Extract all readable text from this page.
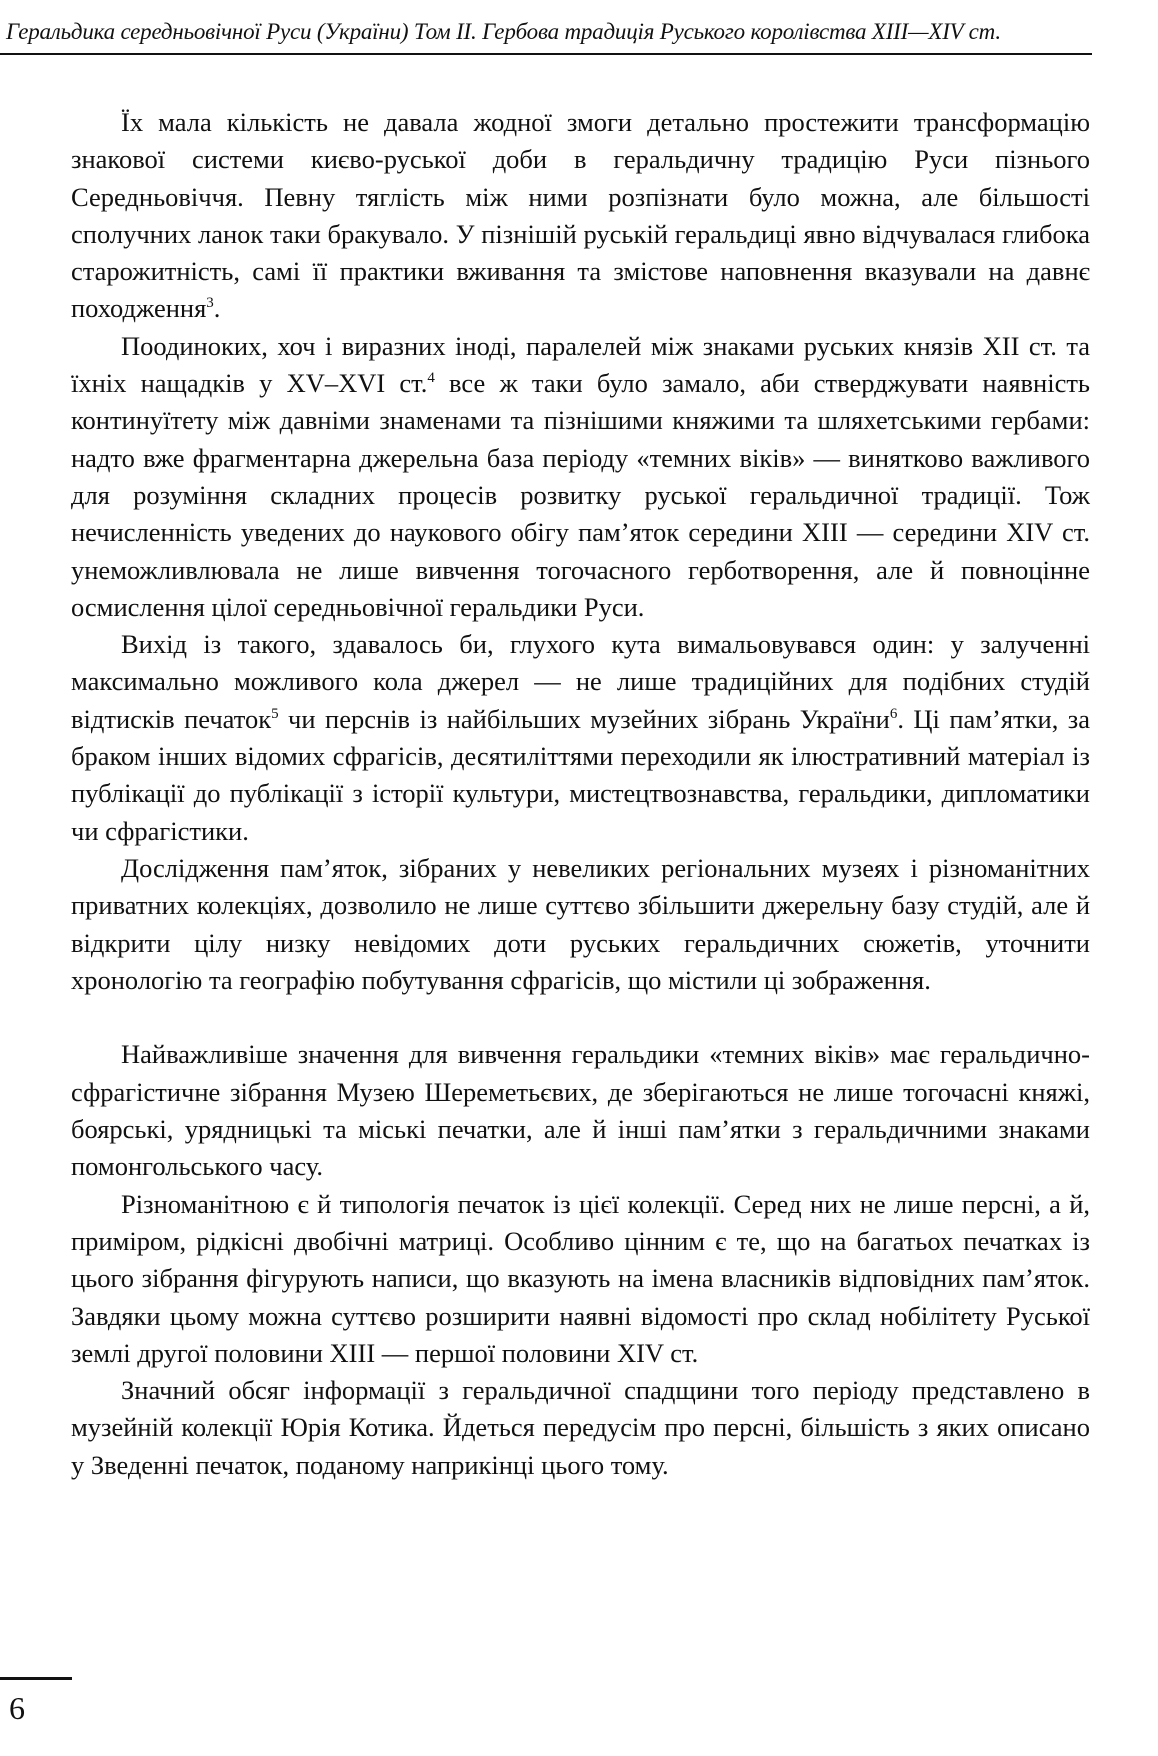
Геральдика середньовічної Руси (України) Том II. Гербова традиція Руського королівства XIII—XIV ст.

Їх мала кількість не давала жодної змоги детально простежити трансформацію знакової системи києво-руської доби в геральдичну традицію Руси пізнього Середньовіччя. Певну тяглість між ними розпізнати було можна, але більшості сполучних ланок таки бракувало. У пізнішій руській геральдиці явно відчувалася глибока старожитність, самі її практики вживання та змістове наповнення вказували на давнє походження$^3$.

Поодиноких, хоч і виразних іноді, паралелей між знаками руських князів XII ст. та їхніх нащадків у XV–XVI ст.$^4$ все ж таки було замало, аби стверджувати наявність континуїтету між давніми знаменами та пізнішими княжими та шляхетськими гербами: надто вже фрагментарна джерельна база періоду «темних віків» — винятково важливого для розуміння складних процесів розвитку руської геральдичної традиції. Тож нечисленність уведених до наукового обігу пам’яток середини XIII — середини XIV ст. унеможливлювала не лише вивчення тогочасного герботворення, але й повноцінне осмислення цілої середньовічної геральдики Руси.

Вихід із такого, здавалось би, глухого кута вимальовувався один: у залученні максимально можливого кола джерел — не лише традиційних для подібних студій відтисків печаток$^5$ чи перснів із найбільших музейних зібрань України$^6$. Ці пам’ятки, за браком інших відомих сфрагісів, десятиліттями переходили як ілюстративний матеріал із публікації до публікації з історії культури, мистецтвознавства, геральдики, дипломатики чи сфрагістики.

Дослідження пам’яток, зібраних у невеликих регіональних музеях і різноманітних приватних колекціях, дозволило не лише суттєво збільшити джерельну базу студій, але й відкрити цілу низку невідомих доти руських геральдичних сюжетів, уточнити хронологію та географію побутування сфрагісів, що містили ці зображення.

Найважливіше значення для вивчення геральдики «темних віків» має геральдично-сфрагістичне зібрання Музею Шереметьєвих, де зберігаються не лише тогочасні княжі, боярські, урядницькі та міські печатки, але й інші пам’ятки з геральдичними знаками помонгольського часу.

Різноманітною є й типологія печаток із цієї колекції. Серед них не лише персні, а й, приміром, рідкісні двобічні матриці. Особливо цінним є те, що на багатьох печатках із цього зібрання фігурують написи, що вказують на імена власників відповідних пам’яток. Завдяки цьому можна суттєво розширити наявні відомості про склад нобілітету Руської землі другої половини XIII — першої половини XIV ст.

Значний обсяг інформації з геральдичної спадщини того періоду представлено в музейній колекції Юрія Котика. Йдеться передусім про персні, більшість з яких описано у Зведенні печаток, поданому наприкінці цього тому.

6
